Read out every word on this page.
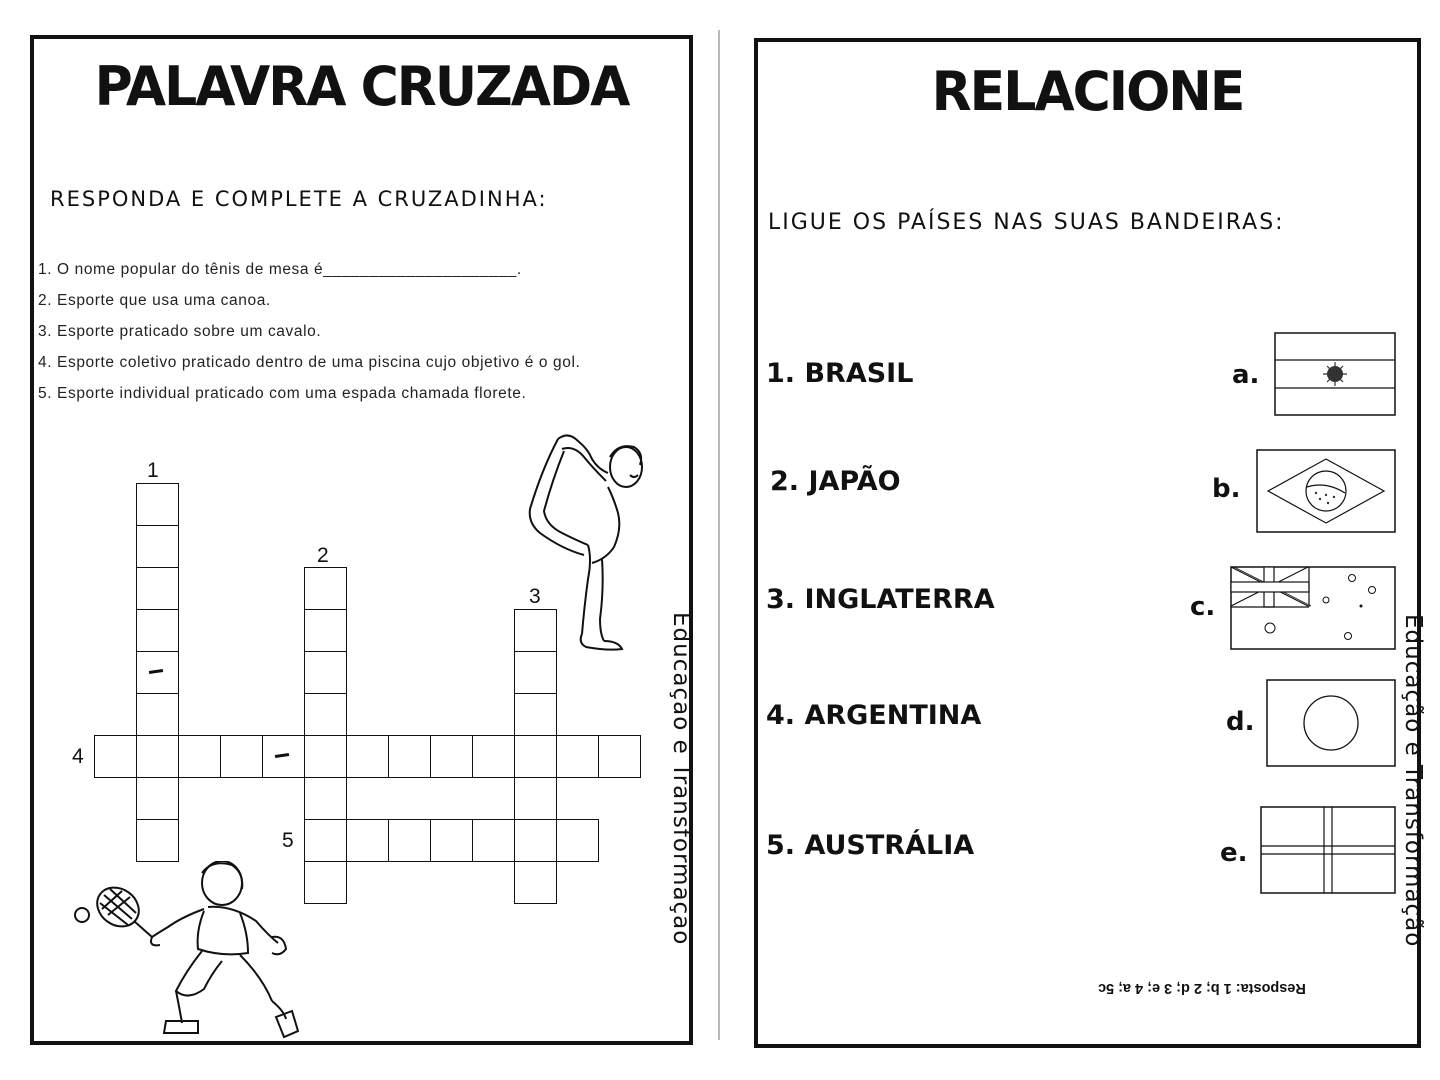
PALAVRA CRUZADA
RESPONDA E COMPLETE A CRUZADINHA:
1. O nome popular do tênis de mesa é_____________________.
2. Esporte que usa uma canoa.
3. Esporte praticado sobre um cavalo.
4. Esporte coletivo praticado dentro de uma piscina cujo objetivo é o gol.
5. Esporte individual praticado com uma espada chamada florete.
1
2
3
4
5	Educação e Transformação
RELACIONE
LIGUE OS PAÍSES NAS SUAS BANDEIRAS:
1. BRASIL
2. JAPÃO
3. INGLATERRA
4. ARGENTINA
5. AUSTRÁLIA
a.
b.
c.
d.
e.
Resposta: 1 b; 2 d; 3 e; 4 a; 5c
Educação e Transformação
